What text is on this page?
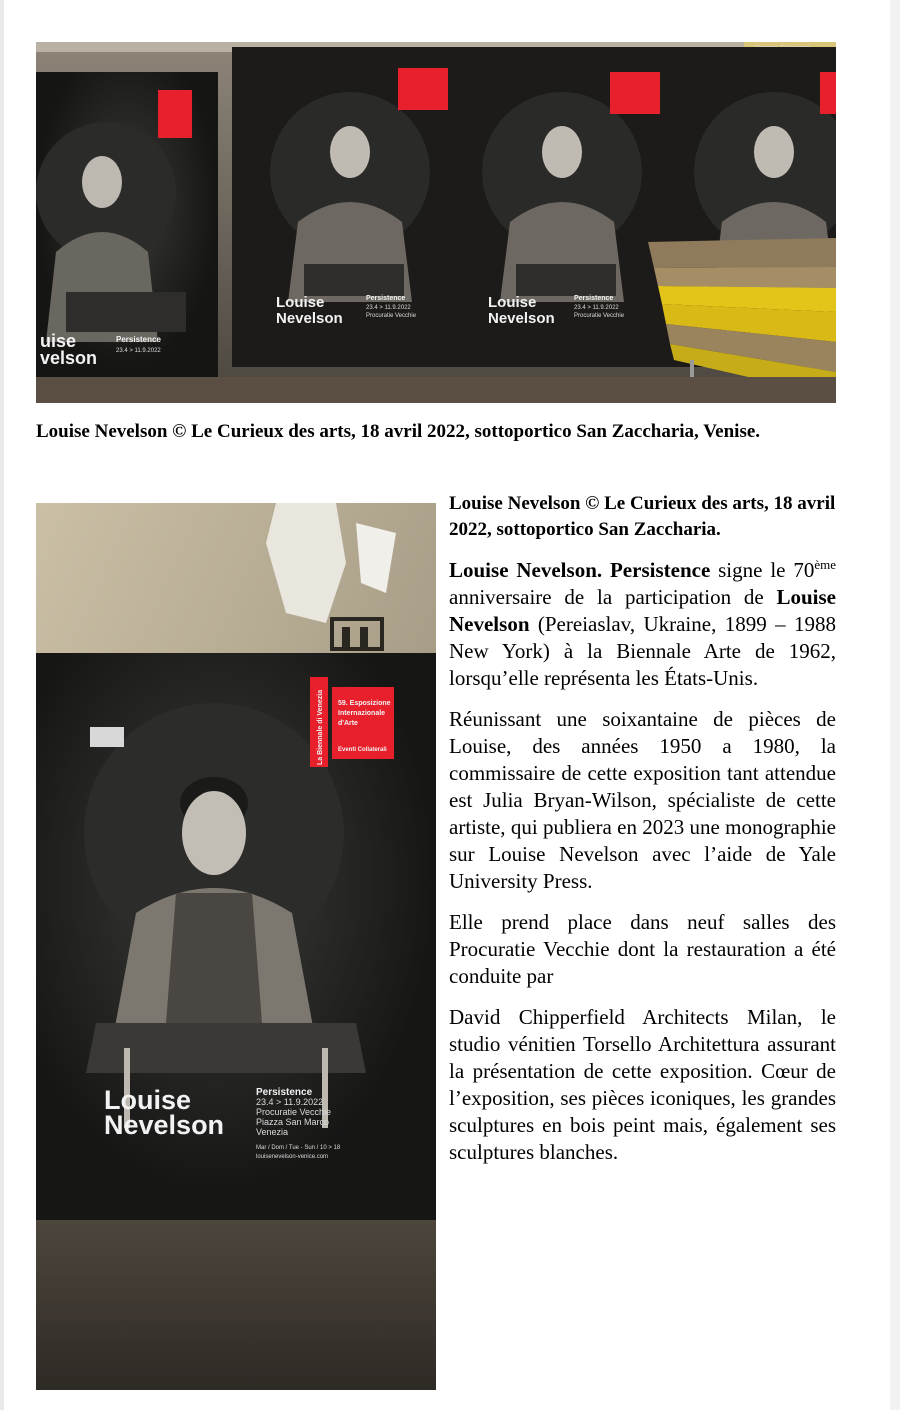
uise
velson
Persistence
23.4 > 11.9.2022
Louise
Nevelson
Persistence
23.4 > 11.9.2022
Procuratie Vecchie
Louise
Nevelson
Persistence
23.4 > 11.9.2022
Procuratie Vecchie
Louise Nevelson © Le Curieux des arts, 18 avril 2022, sottoportico San Zaccharia, Venise.
La Biennale di Venezia 59. Esposizione
Internazionale
d'Arte
Eventi Collaterali
Louise
Nevelson
Persistence
23.4 > 11.9.2022
Procuratie Vecchie
Piazza San Marco
Venezia
Mar / Dom / Tue - Sun / 10 > 18
louisenevelson-venice.com
Louise Nevelson © Le Curieux des arts, 18 avril 2022, sottoportico San Zaccharia.

Louise Nevelson. Persistence signe le 70ème anniversaire de la participation de Louise Nevelson (Pereiaslav, Ukraine, 1899 – 1988 New York) à la Biennale Arte de 1962, lorsqu’elle représenta les États-Unis.

Réunissant une soixantaine de pièces de Louise, des années 1950 a 1980, la commissaire de cette exposition tant attendue est Julia Bryan-Wilson, spécialiste de cette artiste, qui publiera en 2023 une monographie sur Louise Nevelson avec l’aide de Yale University Press.

Elle prend place dans neuf salles des Procuratie Vecchie dont la restauration a été conduite par

David Chipperfield Architects Milan, le studio vénitien Torsello Architettura assurant la présentation de cette exposition. Cœur de l’exposition, ses pièces iconiques, les grandes sculptures en bois peint mais, également ses sculptures blanches.
